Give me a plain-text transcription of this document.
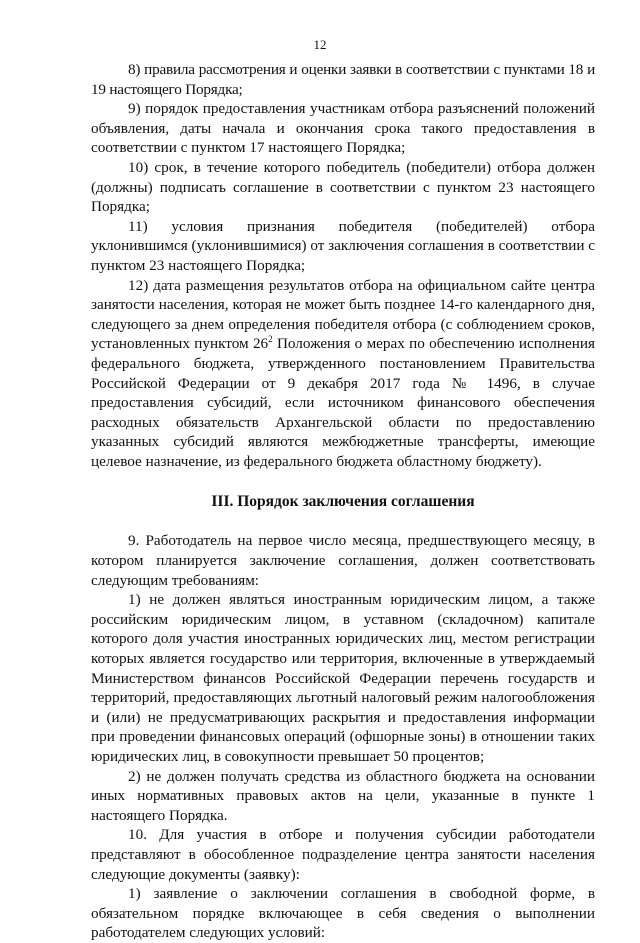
12

8) правила рассмотрения и оценки заявки в соответствии с пунктами 18 и 19 настоящего Порядка;

9) порядок предоставления участникам отбора разъяснений положений объявления, даты начала и окончания срока такого предоставления в соответствии с пунктом 17 настоящего Порядка;

10) срок, в течение которого победитель (победители) отбора должен (должны) подписать соглашение в соответствии с пунктом 23 настоящего Порядка;

11) условия признания победителя (победителей) отбора уклонившимся (уклонившимися) от заключения соглашения в соответствии с пунктом 23 настоящего Порядка;

12) дата размещения результатов отбора на официальном сайте центра занятости населения, которая не может быть позднее 14-го календарного дня, следующего за днем определения победителя отбора (с соблюдением сроков, установленных пунктом $26^2$ Положения о мерах по обеспечению исполнения федерального бюджета, утвержденного постановлением Правительства Российской Федерации от 9 декабря 2017 года № 1496, в случае предоставления субсидий, если источником финансового обеспечения расходных обязательств Архангельской области по предоставлению указанных субсидий являются межбюджетные трансферты, имеющие целевое назначение, из федерального бюджета областному бюджету).

III. Порядок заключения соглашения

9. Работодатель на первое число месяца, предшествующего месяцу, в котором планируется заключение соглашения, должен соответствовать следующим требованиям:

1) не должен являться иностранным юридическим лицом, а также российским юридическим лицом, в уставном (складочном) капитале которого доля участия иностранных юридических лиц, местом регистрации которых является государство или территория, включенные в утверждаемый Министерством финансов Российской Федерации перечень государств и территорий, предоставляющих льготный налоговый режим налогообложения и (или) не предусматривающих раскрытия и предоставления информации при проведении финансовых операций (офшорные зоны) в отношении таких юридических лиц, в совокупности превышает 50 процентов;

2) не должен получать средства из областного бюджета на основании иных нормативных правовых актов на цели, указанные в пункте 1 настоящего Порядка.

10. Для участия в отборе и получения субсидии работодатели представляют в обособленное подразделение центра занятости населения следующие документы (заявку):

1) заявление о заключении соглашения в свободной форме, в обязательном порядке включающее в себя сведения о выполнении работодателем следующих условий:
